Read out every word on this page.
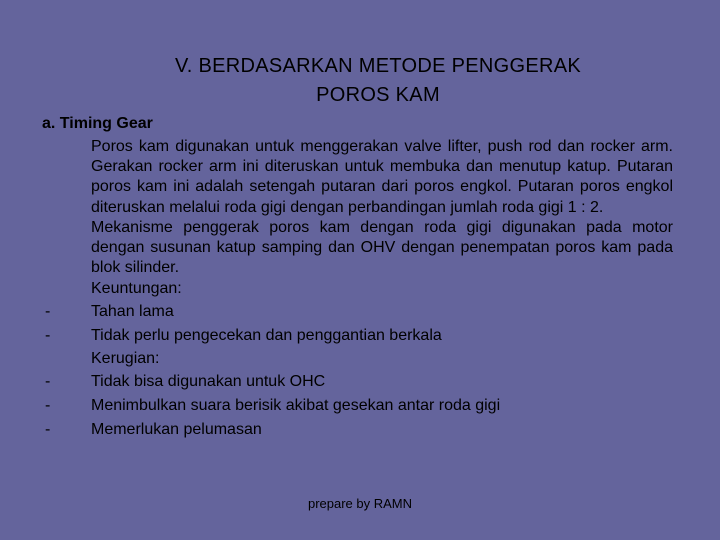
V. BERDASARKAN METODE PENGGERAK
POROS KAM
a. Timing Gear

Poros kam digunakan untuk menggerakan valve lifter, push rod dan rocker arm. Gerakan rocker arm ini diteruskan untuk membuka dan menutup katup. Putaran poros kam ini adalah setengah putaran dari poros engkol. Putaran poros engkol diteruskan melalui roda gigi dengan perbandingan jumlah roda gigi 1 : 2.

Mekanisme penggerak poros kam dengan roda gigi digunakan pada motor dengan susunan katup samping dan OHV dengan penempatan poros kam pada blok silinder.

Keuntungan:

-	Tahan lama
-	Tidak perlu pengecekan dan penggantian berkala

Kerugian:

-	Tidak bisa digunakan untuk OHC
-	Menimbulkan suara berisik akibat gesekan antar roda gigi
-	Memerlukan pelumasan
prepare by RAMN
